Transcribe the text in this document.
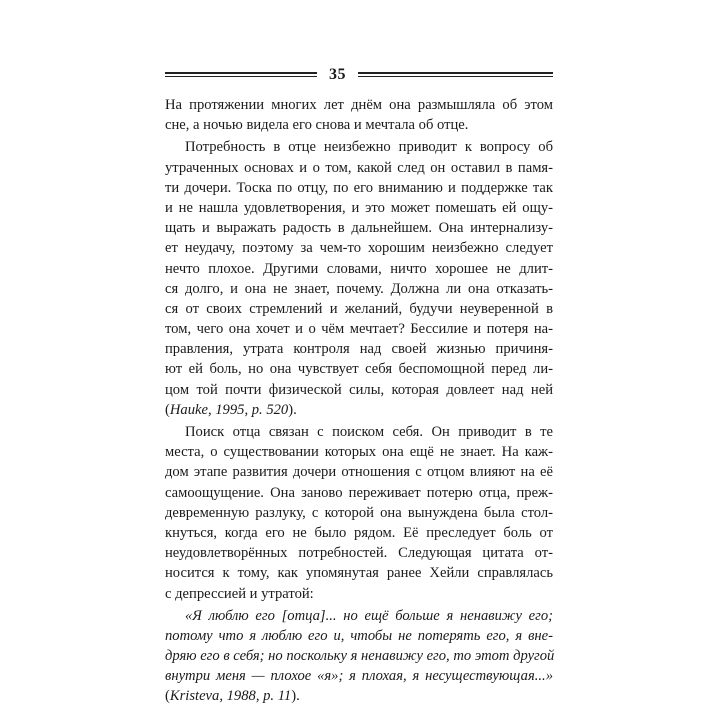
35
На протяжении многих лет днём она размышляла об этом
сне, а ночью видела его снова и мечтала об отце.
Потребность в отце неизбежно приводит к вопросу об
утраченных основах и о том, какой след он оставил в памя-
ти дочери. Тоска по отцу, по его вниманию и поддержке так
и не нашла удовлетворения, и это может помешать ей ощу-
щать и выражать радость в дальнейшем. Она интернализу-
ет неудачу, поэтому за чем-то хорошим неизбежно следует
нечто плохое. Другими словами, ничто хорошее не длит-
ся долго, и она не знает, почему. Должна ли она отказать-
ся от своих стремлений и желаний, будучи неуверенной в
том, чего она хочет и о чём мечтает? Бессилие и потеря на-
правления, утрата контроля над своей жизнью причиня-
ют ей боль, но она чувствует себя беспомощной перед ли-
цом той почти физической силы, которая довлеет над ней
(Hauke, 1995, p. 520).
Поиск отца связан с поиском себя. Он приводит в те
места, о существовании которых она ещё не знает. На каж-
дом этапе развития дочери отношения с отцом влияют на её
самоощущение. Она заново переживает потерю отца, преж-
девременную разлуку, с которой она вынуждена была стол-
кнуться, когда его не было рядом. Её преследует боль от
неудовлетворённых потребностей. Следующая цитата от-
носится к тому, как упомянутая ранее Хейли справлялась
с депрессией и утратой:
«Я люблю его [отца]... но ещё больше я ненавижу его;
потому что я люблю его и, чтобы не потерять его, я вне-
дряю его в себя; но поскольку я ненавижу его, то этот другой
внутри меня — плохое «я»; я плохая, я несуществующая...»
(Kristeva, 1988, p. 11).
